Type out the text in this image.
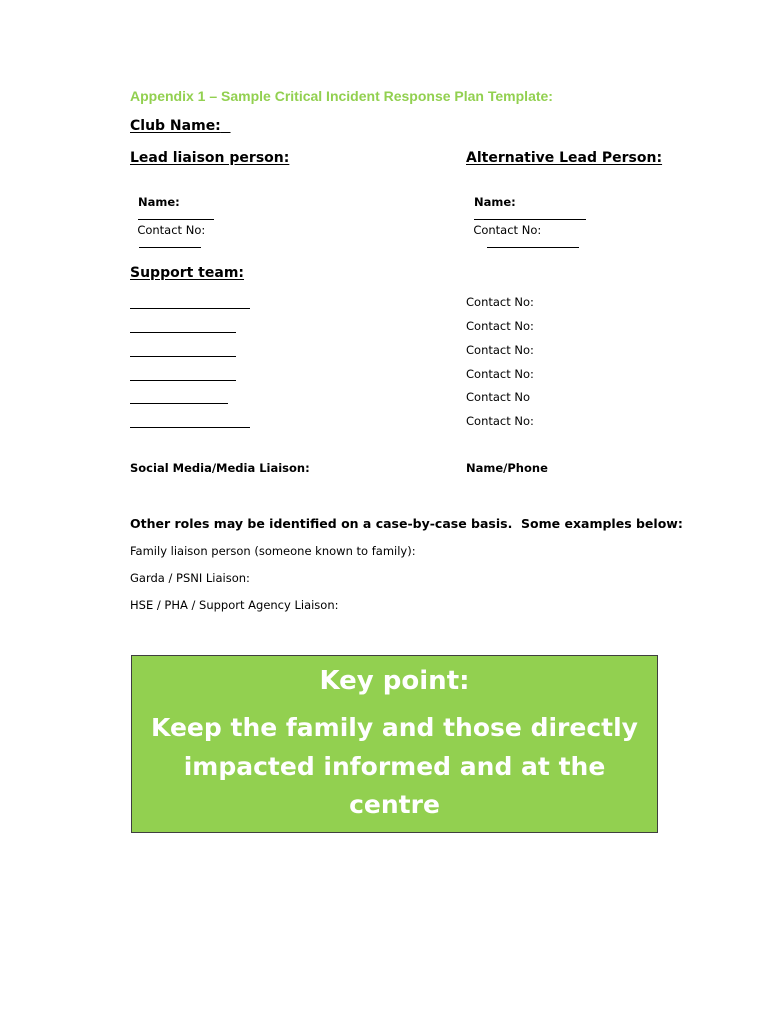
Appendix 1 – Sample Critical Incident Response Plan Template:
Club Name:
Lead liaison person:

Name:

Contact No:

Alternative Lead Person:

Name:

Contact No:

Support team:
Contact No:
Contact No:
Contact No:
Contact No:
Contact No
Contact No:
Social Media/Media Liaison:	Name/Phone
Other roles may be identified on a case-by-case basis.  Some examples below:
Family liaison person (someone known to family):
Garda / PSNI Liaison:
HSE / PHA / Support Agency Liaison:
Key point:
Keep the family and those directly
impacted informed and at the centre
of all decisions
